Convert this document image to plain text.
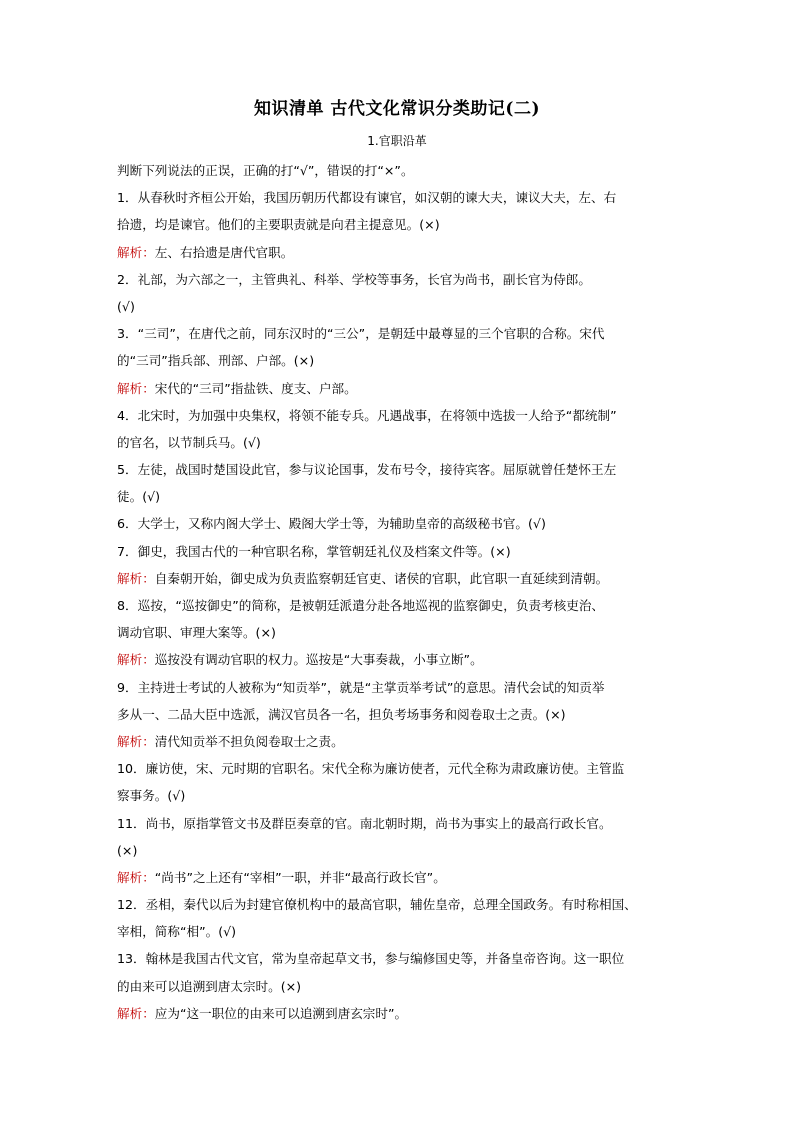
知识清单 古代文化常识分类助记(二)
1.官职沿革
判断下列说法的正误，正确的打“√”，错误的打“×”。
1．从春秋时齐桓公开始，我国历朝历代都设有谏官，如汉朝的谏大夫，谏议大夫，左、右
拾遗，均是谏官。他们的主要职责就是向君主提意见。(×)
解析：左、右拾遗是唐代官职。
2．礼部，为六部之一，主管典礼、科举、学校等事务，长官为尚书，副长官为侍郎。
(√)
3．“三司”，在唐代之前，同东汉时的“三公”，是朝廷中最尊显的三个官职的合称。宋代
的“三司”指兵部、刑部、户部。(×)
解析：宋代的“三司”指盐铁、度支、户部。
4．北宋时，为加强中央集权，将领不能专兵。凡遇战事，在将领中选拔一人给予“都统制”
的官名，以节制兵马。(√)
5．左徒，战国时楚国设此官，参与议论国事，发布号令，接待宾客。屈原就曾任楚怀王左
徒。(√)
6．大学士，又称内阁大学士、殿阁大学士等，为辅助皇帝的高级秘书官。(√)
7．御史，我国古代的一种官职名称，掌管朝廷礼仪及档案文件等。(×)
解析：自秦朝开始，御史成为负责监察朝廷官吏、诸侯的官职，此官职一直延续到清朝。
8．巡按，“巡按御史”的简称，是被朝廷派遣分赴各地巡视的监察御史，负责考核吏治、
调动官职、审理大案等。(×)
解析：巡按没有调动官职的权力。巡按是“大事奏裁，小事立断”。
9．主持进士考试的人被称为“知贡举”，就是“主掌贡举考试”的意思。清代会试的知贡举
多从一、二品大臣中选派，满汉官员各一名，担负考场事务和阅卷取士之责。(×)
解析：清代知贡举不担负阅卷取士之责。
10．廉访使，宋、元时期的官职名。宋代全称为廉访使者，元代全称为肃政廉访使。主管监
察事务。(√)
11．尚书，原指掌管文书及群臣奏章的官。南北朝时期，尚书为事实上的最高行政长官。
(×)
解析：“尚书”之上还有“宰相”一职，并非“最高行政长官”。
12．丞相，秦代以后为封建官僚机构中的最高官职，辅佐皇帝，总理全国政务。有时称相国、
宰相，简称“相”。(√)
13．翰林是我国古代文官，常为皇帝起草文书，参与编修国史等，并备皇帝咨询。这一职位
的由来可以追溯到唐太宗时。(×)
解析：应为“这一职位的由来可以追溯到唐玄宗时”。
